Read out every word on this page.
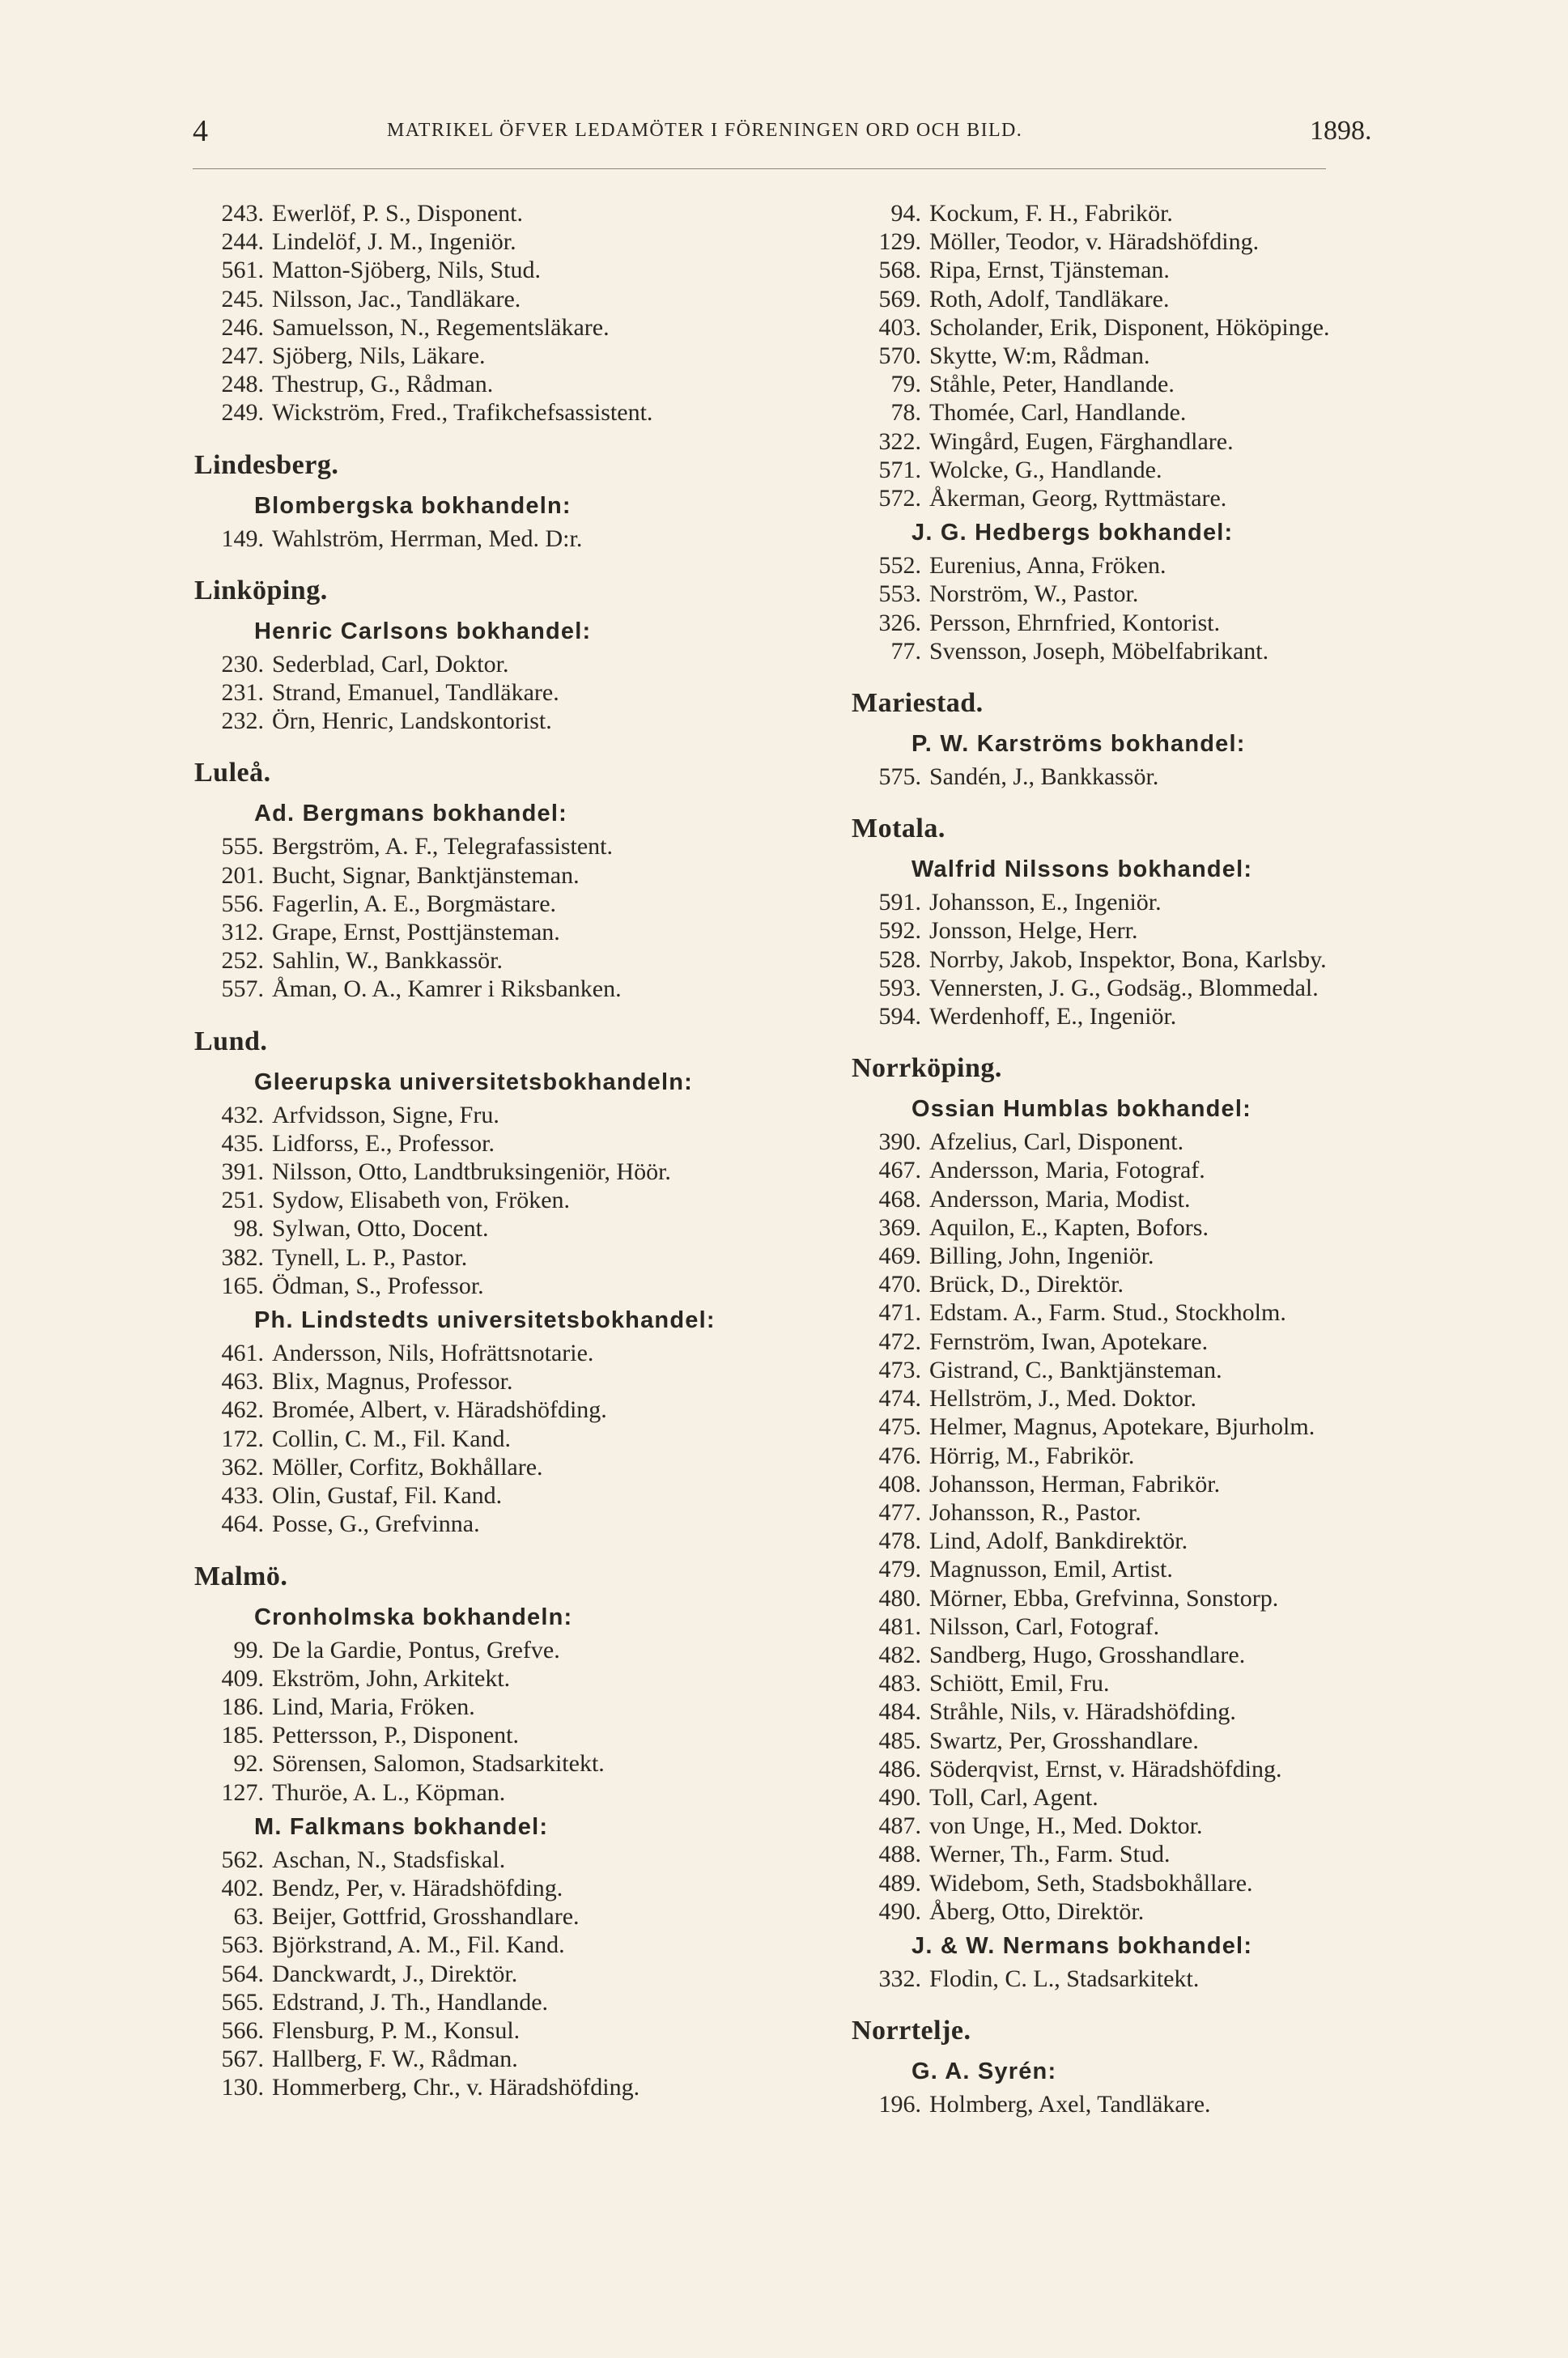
4	MATRIKEL ÖFVER LEDAMÖTER I FÖRENINGEN ORD OCH BILD.	1898.
243. Ewerlöf, P. S., Disponent.
244. Lindelöf, J. M., Ingeniör.
561. Matton-Sjöberg, Nils, Stud.
245. Nilsson, Jac., Tandläkare.
246. Samuelsson, N., Regementsläkare.
247. Sjöberg, Nils, Läkare.
248. Thestrup, G., Rådman.
249. Wickström, Fred., Trafikchefsassistent.
Lindesberg.
Blombergska bokhandeln:
149. Wahlström, Herrman, Med. D:r.
Linköping.
Henric Carlsons bokhandel:
230. Sederblad, Carl, Doktor.
231. Strand, Emanuel, Tandläkare.
232. Örn, Henric, Landskontorist.
Luleå.
Ad. Bergmans bokhandel:
555. Bergström, A. F., Telegrafassistent.
201. Bucht, Signar, Banktjänsteman.
556. Fagerlin, A. E., Borgmästare.
312. Grape, Ernst, Posttjänsteman.
252. Sahlin, W., Bankkassör.
557. Åman, O. A., Kamrer i Riksbanken.
Lund.
Gleerupska universitetsbokhandeln:
432. Arfvidsson, Signe, Fru.
435. Lidforss, E., Professor.
391. Nilsson, Otto, Landtbruksingeniör, Höör.
251. Sydow, Elisabeth von, Fröken.
98. Sylwan, Otto, Docent.
382. Tynell, L. P., Pastor.
165. Ödman, S., Professor.
Ph. Lindstedts universitetsbokhandel:
461. Andersson, Nils, Hofrättsnotarie.
463. Blix, Magnus, Professor.
462. Bromée, Albert, v. Häradshöfding.
172. Collin, C. M., Fil. Kand.
362. Möller, Corfitz, Bokhållare.
433. Olin, Gustaf, Fil. Kand.
464. Posse, G., Grefvinna.
Malmö.
Cronholmska bokhandeln:
99. De la Gardie, Pontus, Grefve.
409. Ekström, John, Arkitekt.
186. Lind, Maria, Fröken.
185. Pettersson, P., Disponent.
92. Sörensen, Salomon, Stadsarkitekt.
127. Thuröe, A. L., Köpman.
M. Falkmans bokhandel:
562. Aschan, N., Stadsfiskal.
402. Bendz, Per, v. Häradshöfding.
63. Beijer, Gottfrid, Grosshandlare.
563. Björkstrand, A. M., Fil. Kand.
564. Danckwardt, J., Direktör.
565. Edstrand, J. Th., Handlande.
566. Flensburg, P. M., Konsul.
567. Hallberg, F. W., Rådman.
130. Hommerberg, Chr., v. Häradshöfding.
94. Kockum, F. H., Fabrikör.
129. Möller, Teodor, v. Häradshöfding.
568. Ripa, Ernst, Tjänsteman.
569. Roth, Adolf, Tandläkare.
403. Scholander, Erik, Disponent, Hököpinge.
570. Skytte, W:m, Rådman.
79. Ståhle, Peter, Handlande.
78. Thomée, Carl, Handlande.
322. Wingård, Eugen, Färghandlare.
571. Wolcke, G., Handlande.
572. Åkerman, Georg, Ryttmästare.
J. G. Hedbergs bokhandel:
552. Eurenius, Anna, Fröken.
553. Norström, W., Pastor.
326. Persson, Ehrnfried, Kontorist.
77. Svensson, Joseph, Möbelfabrikant.
Mariestad.
P. W. Karströms bokhandel:
575. Sandén, J., Bankkassör.
Motala.
Walfrid Nilssons bokhandel:
591. Johansson, E., Ingeniör.
592. Jonsson, Helge, Herr.
528. Norrby, Jakob, Inspektor, Bona, Karlsby.
593. Vennersten, J. G., Godsäg., Blommedal.
594. Werdenhoff, E., Ingeniör.
Norrköping.
Ossian Humblas bokhandel:
390. Afzelius, Carl, Disponent.
467. Andersson, Maria, Fotograf.
468. Andersson, Maria, Modist.
369. Aquilon, E., Kapten, Bofors.
469. Billing, John, Ingeniör.
470. Brück, D., Direktör.
471. Edstam. A., Farm. Stud., Stockholm.
472. Fernström, Iwan, Apotekare.
473. Gistrand, C., Banktjänsteman.
474. Hellström, J., Med. Doktor.
475. Helmer, Magnus, Apotekare, Bjurholm.
476. Hörrig, M., Fabrikör.
408. Johansson, Herman, Fabrikör.
477. Johansson, R., Pastor.
478. Lind, Adolf, Bankdirektör.
479. Magnusson, Emil, Artist.
480. Mörner, Ebba, Grefvinna, Sonstorp.
481. Nilsson, Carl, Fotograf.
482. Sandberg, Hugo, Grosshandlare.
483. Schiött, Emil, Fru.
484. Stråhle, Nils, v. Häradshöfding.
485. Swartz, Per, Grosshandlare.
486. Söderqvist, Ernst, v. Häradshöfding.
490. Toll, Carl, Agent.
487. von Unge, H., Med. Doktor.
488. Werner, Th., Farm. Stud.
489. Widebom, Seth, Stadsbokhållare.
490. Åberg, Otto, Direktör.
J. & W. Nermans bokhandel:
332. Flodin, C. L., Stadsarkitekt.
Norrtelje.
G. A. Syrén:
196. Holmberg, Axel, Tandläkare.
